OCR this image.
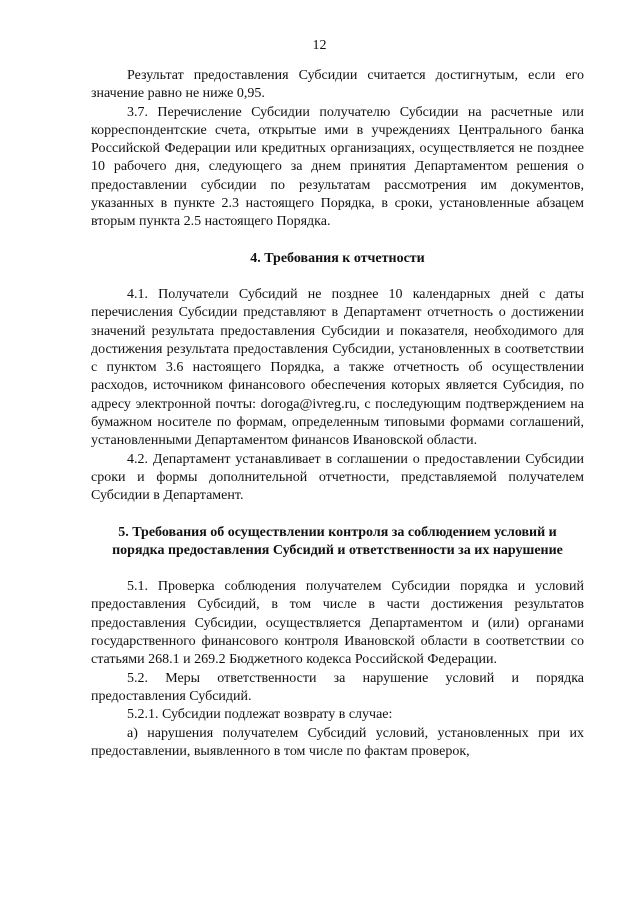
12

Результат предоставления Субсидии считается достигнутым, если его значение равно не ниже 0,95.

3.7. Перечисление Субсидии получателю Субсидии на расчетные или корреспондентские счета, открытые ими в учреждениях Центрального банка Российской Федерации или кредитных организациях, осуществляется не позднее 10 рабочего дня, следующего за днем принятия Департаментом решения о предоставлении субсидии по результатам рассмотрения им документов, указанных в пункте 2.3 настоящего Порядка, в сроки, установленные абзацем вторым пункта 2.5 настоящего Порядка.

4. Требования к отчетности

4.1. Получатели Субсидий не позднее 10 календарных дней с даты перечисления Субсидии представляют в Департамент отчетность о достижении значений результата предоставления Субсидии и показателя, необходимого для достижения результата предоставления Субсидии, установленных в соответствии с пунктом 3.6 настоящего Порядка, а также отчетность об осуществлении расходов, источником финансового обеспечения которых является Субсидия, по адресу электронной почты: doroga@ivreg.ru, с последующим подтверждением на бумажном носителе по формам, определенным типовыми формами соглашений, установленными Департаментом финансов Ивановской области.

4.2. Департамент устанавливает в соглашении о предоставлении Субсидии сроки и формы дополнительной отчетности, представляемой получателем Субсидии в Департамент.

5. Требования об осуществлении контроля за соблюдением условий и порядка предоставления Субсидий и ответственности за их нарушение

5.1. Проверка соблюдения получателем Субсидии порядка и условий предоставления Субсидий, в том числе в части достижения результатов предоставления Субсидии, осуществляется Департаментом и (или) органами государственного финансового контроля Ивановской области в соответствии со статьями 268.1 и 269.2 Бюджетного кодекса Российской Федерации.

5.2. Меры ответственности за нарушение условий и порядка предоставления Субсидий.

5.2.1. Субсидии подлежат возврату в случае:

а) нарушения получателем Субсидий условий, установленных при их предоставлении, выявленного в том числе по фактам проверок,
